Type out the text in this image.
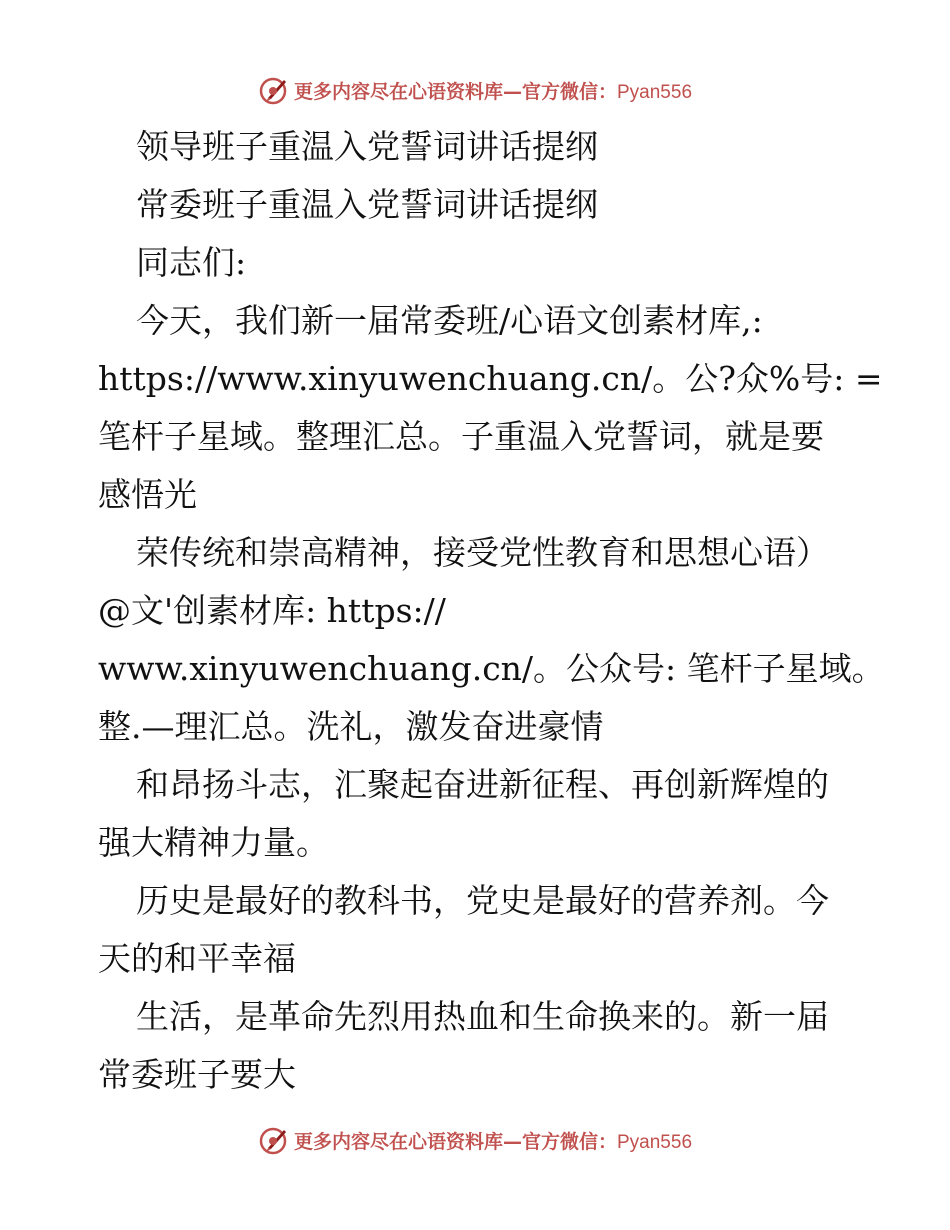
更多内容尽在心语资料库—官方微信：Pyan556
领导班子重温入党誓词讲话提纲
常委班子重温入党誓词讲话提纲
同志们:
今天，我们新一届常委班/心语文创素材库,:
https://www.xinyuwenchuang.cn/。公?众%号: =
笔杆子星域。整理汇总。子重温入党誓词，就是要
感悟光
荣传统和崇高精神，接受党性教育和思想心语）
@文'创素材库: https://
www.xinyuwenchuang.cn/。公众号: 笔杆子星域。
整.—理汇总。洗礼，激发奋进豪情
和昂扬斗志，汇聚起奋进新征程、再创新辉煌的
强大精神力量。
历史是最好的教科书，党史是最好的营养剂。今
天的和平幸福
生活，是革命先烈用热血和生命换来的。新一届
常委班子要大
更多内容尽在心语资料库—官方微信：Pyan556
